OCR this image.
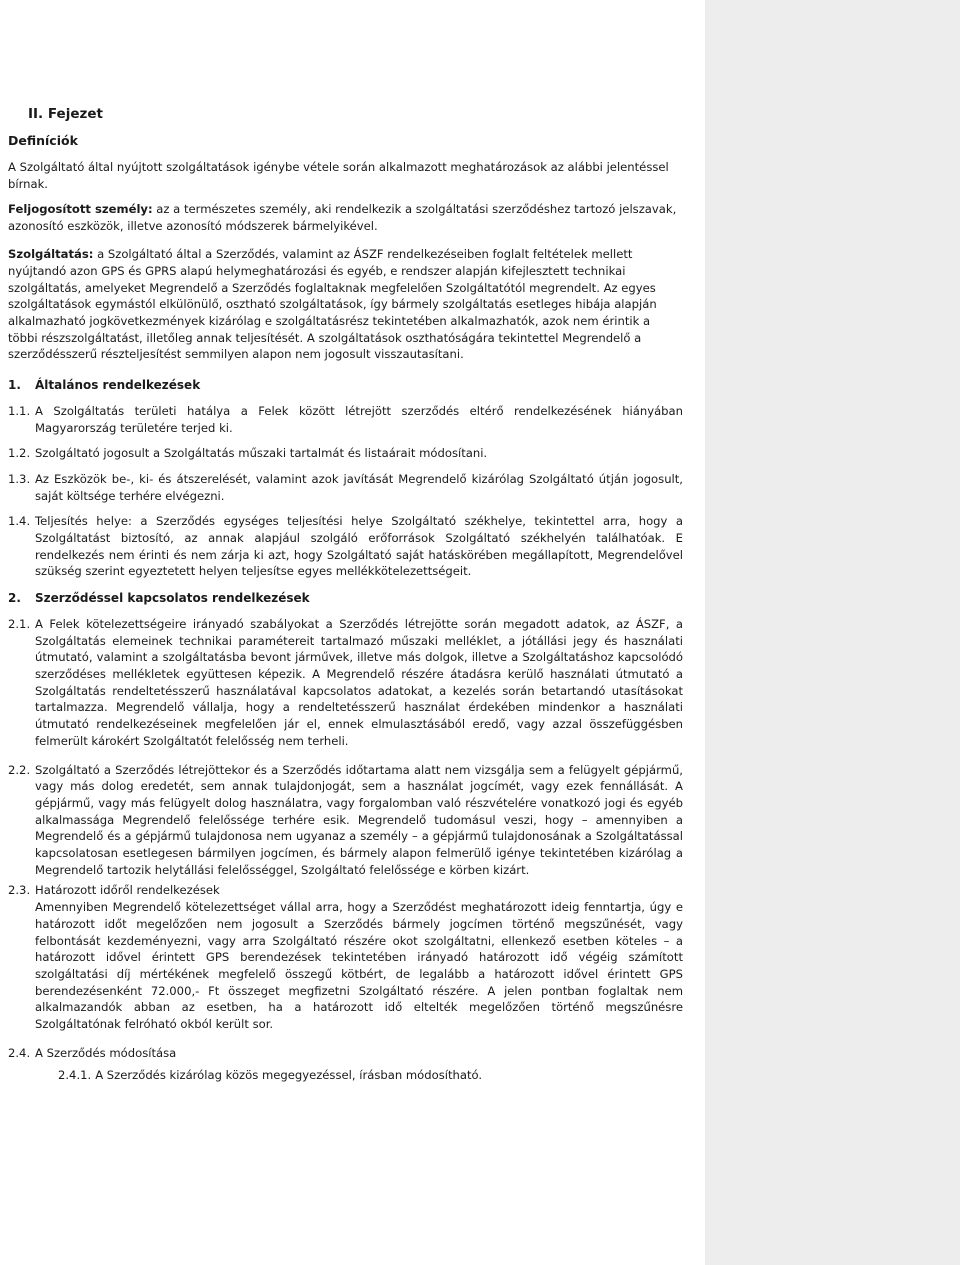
II. Fejezet
Definíciók

A Szolgáltató által nyújtott szolgáltatások igénybe vétele során alkalmazott meghatározások az alábbi jelentéssel bírnak.

Feljogosított személy: az a természetes személy, aki rendelkezik a szolgáltatási szerződéshez tartozó jelszavak, azonosító eszközök, illetve azonosító módszerek bármelyikével.

Szolgáltatás: a Szolgáltató által a Szerződés, valamint az ÁSZF rendelkezéseiben foglalt feltételek mellett nyújtandó azon GPS és GPRS alapú helymeghatározási és egyéb, e rendszer alapján kifejlesztett technikai szolgáltatás, amelyeket Megrendelő a Szerződés foglaltaknak megfelelően Szolgáltatótól megrendelt. Az egyes szolgáltatások egymástól elkülönülő, osztható szolgáltatások, így bármely szolgáltatás esetleges hibája alapján alkalmazható jogkövetkezmények kizárólag e szolgáltatásrész tekintetében alkalmazhatók, azok nem érintik a többi részszolgáltatást, illetőleg annak teljesítését. A szolgáltatások oszthatóságára tekintettel Megrendelő a szerződésszerű részteljesítést semmilyen alapon nem jogosult visszautasítani.

1.	Általános rendelkezések
1.1. A Szolgáltatás területi hatálya a Felek között létrejött szerződés eltérő rendelkezésének hiányában Magyarország területére terjed ki.
1.2. Szolgáltató jogosult a Szolgáltatás műszaki tartalmát és listaárait módosítani.
1.3. Az Eszközök be-, ki- és átszerelését, valamint azok javítását Megrendelő kizárólag Szolgáltató útján jogosult, saját költsége terhére elvégezni.
1.4. Teljesítés helye: a Szerződés egységes teljesítési helye Szolgáltató székhelye, tekintettel arra, hogy a Szolgáltatást biztosító, az annak alapjául szolgáló erőforrások Szolgáltató székhelyén találhatóak. E rendelkezés nem érinti és nem zárja ki azt, hogy Szolgáltató saját hatáskörében megállapított, Megrendelővel szükség szerint egyeztetett helyen teljesítse egyes mellékkötelezettségeit.
2.	Szerződéssel kapcsolatos rendelkezések
2.1. A Felek kötelezettségeire irányadó szabályokat a Szerződés létrejötte során megadott adatok, az ÁSZF, a Szolgáltatás elemeinek technikai paramétereit tartalmazó műszaki melléklet, a jótállási jegy és használati útmutató, valamint a szolgáltatásba bevont járművek, illetve más dolgok, illetve a Szolgáltatáshoz kapcsolódó szerződéses mellékletek együttesen képezik. A Megrendelő részére átadásra kerülő használati útmutató a Szolgáltatás rendeltetésszerű használatával kapcsolatos adatokat, a kezelés során betartandó utasításokat tartalmazza. Megrendelő vállalja, hogy a rendeltetésszerű használat érdekében mindenkor a használati útmutató rendelkezéseinek megfelelően jár el, ennek elmulasztásából eredő, vagy azzal összefüggésben felmerült károkért Szolgáltatót felelősség nem terheli.
2.2. Szolgáltató a Szerződés létrejöttekor és a Szerződés időtartama alatt nem vizsgálja sem a felügyelt gépjármű, vagy más dolog eredetét, sem annak tulajdonjogát, sem a használat jogcímét, vagy ezek fennállását. A gépjármű, vagy más felügyelt dolog használatra, vagy forgalomban való részvételére vonatkozó jogi és egyéb alkalmassága Megrendelő felelőssége terhére esik. Megrendelő tudomásul veszi, hogy – amennyiben a Megrendelő és a gépjármű tulajdonosa nem ugyanaz a személy – a gépjármű tulajdonosának a Szolgáltatással kapcsolatosan esetlegesen bármilyen jogcímen, és bármely alapon felmerülő igénye tekintetében kizárólag a Megrendelő tartozik helytállási felelősséggel, Szolgáltató felelőssége e körben kizárt.
2.3. Határozott időről rendelkezések
Amennyiben Megrendelő kötelezettséget vállal arra, hogy a Szerződést meghatározott ideig fenntartja, úgy e határozott időt megelőzően nem jogosult a Szerződés bármely jogcímen történő megszűnését, vagy felbontását kezdeményezni, vagy arra Szolgáltató részére okot szolgáltatni, ellenkező esetben köteles – a határozott idővel érintett GPS berendezések tekintetében irányadó határozott idő végéig számított szolgáltatási díj mértékének megfelelő összegű kötbért, de legalább a határozott idővel érintett GPS berendezésenként 72.000,- Ft összeget megfizetni Szolgáltató részére. A jelen pontban foglaltak nem alkalmazandók abban az esetben, ha a határozott idő eltelték megelőzően történő megszűnésre Szolgáltatónak felróható okból került sor.
2.4. A Szerződés módosítása
2.4.1. A Szerződés kizárólag közös megegyezéssel, írásban módosítható.
